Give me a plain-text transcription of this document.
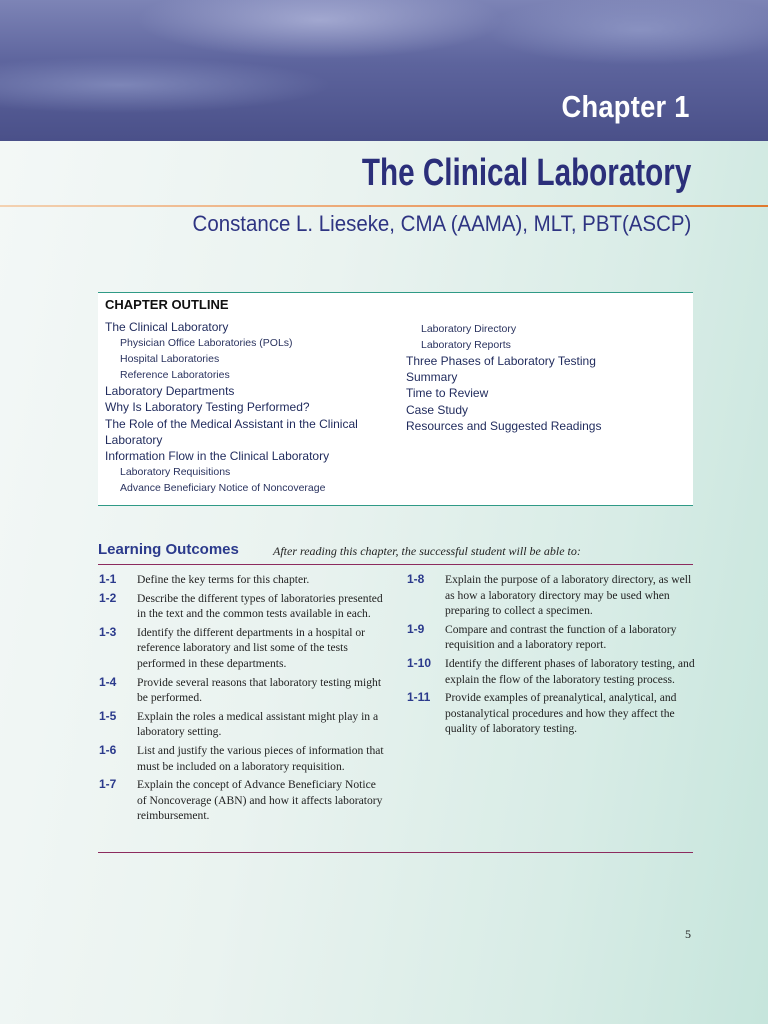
Chapter 1
The Clinical Laboratory
Constance L. Lieseke, CMA (AAMA), MLT, PBT(ASCP)
CHAPTER OUTLINE
The Clinical Laboratory
Physician Office Laboratories (POLs)
Hospital Laboratories
Reference Laboratories
Laboratory Departments
Why Is Laboratory Testing Performed?
The Role of the Medical Assistant in the Clinical Laboratory
Information Flow in the Clinical Laboratory
Laboratory Requisitions
Advance Beneficiary Notice of Noncoverage
Laboratory Directory
Laboratory Reports
Three Phases of Laboratory Testing
Summary
Time to Review
Case Study
Resources and Suggested Readings
Learning Outcomes	After reading this chapter, the successful student will be able to:
1-1 Define the key terms for this chapter.
1-2 Describe the different types of laboratories presented in the text and the common tests available in each.
1-3 Identify the different departments in a hospital or reference laboratory and list some of the tests performed in these departments.
1-4 Provide several reasons that laboratory testing might be performed.
1-5 Explain the roles a medical assistant might play in a laboratory setting.
1-6 List and justify the various pieces of information that must be included on a laboratory requisition.
1-7 Explain the concept of Advance Beneficiary Notice of Noncoverage (ABN) and how it affects laboratory reimbursement.
1-8 Explain the purpose of a laboratory directory, as well as how a laboratory directory may be used when preparing to collect a specimen.
1-9 Compare and contrast the function of a laboratory requisition and a laboratory report.
1-10 Identify the different phases of laboratory testing, and explain the flow of the laboratory testing process.
1-11 Provide examples of preanalytical, analytical, and postanalytical procedures and how they affect the quality of laboratory testing.
5
